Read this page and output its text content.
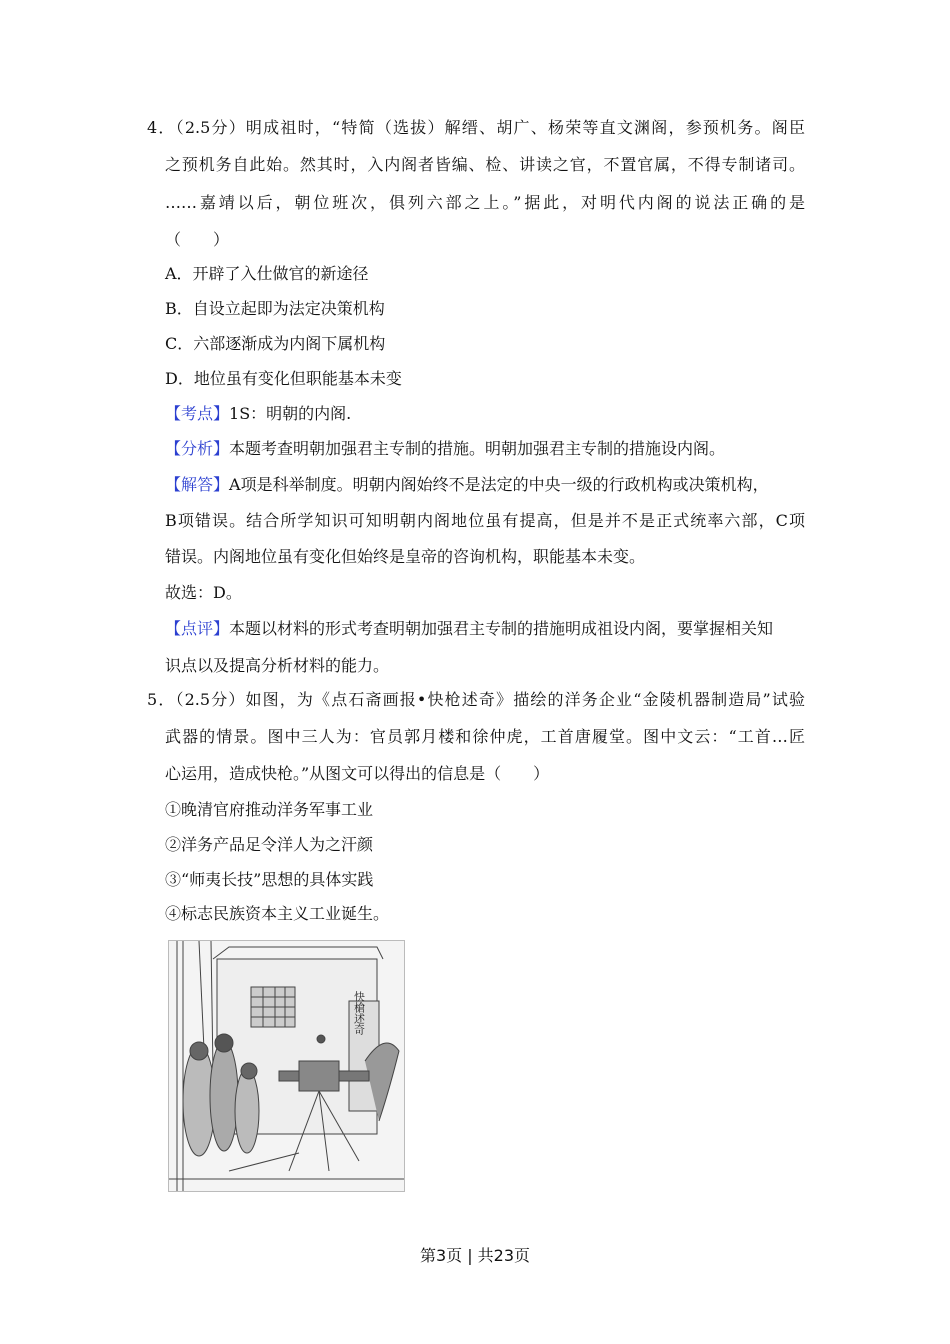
4．（2.5分）明成祖时，“特简（选拔）解缙、胡广、杨荣等直文渊阁，参预机务。阁臣
之预机务自此始。然其时，入内阁者皆编、检、讲读之官，不置官属，不得专制诸司。
……嘉靖以后，朝位班次，俱列六部之上。”据此，对明代内阁的说法正确的是
（　　）
A．开辟了入仕做官的新途径
B．自设立起即为法定决策机构
C．六部逐渐成为内阁下属机构
D．地位虽有变化但职能基本未变
【考点】1S：明朝的内阁.
【分析】本题考查明朝加强君主专制的措施。明朝加强君主专制的措施设内阁。
【解答】A项是科举制度。明朝内阁始终不是法定的中央一级的行政机构或决策机构，
B项错误。结合所学知识可知明朝内阁地位虽有提高，但是并不是正式统率六部，C项
错误。内阁地位虽有变化但始终是皇帝的咨询机构，职能基本未变。
故选：D。
【点评】本题以材料的形式考查明朝加强君主专制的措施明成祖设内阁，要掌握相关知
识点以及提高分析材料的能力。
5．（2.5分）如图，为《点石斋画报•快枪述奇》描绘的洋务企业“金陵机器制造局”试验
武器的情景。图中三人为：官员郭月楼和徐仲虎，工首唐履堂。图中文云：“工首…匠
心运用，造成快枪。”从图文可以得出的信息是（　　）
①晚清官府推动洋务军事工业
②洋务产品足令洋人为之汗颜
③“师夷长技”思想的具体实践
④标志民族资本主义工业诞生。
快槍述奇
第3页 | 共23页
